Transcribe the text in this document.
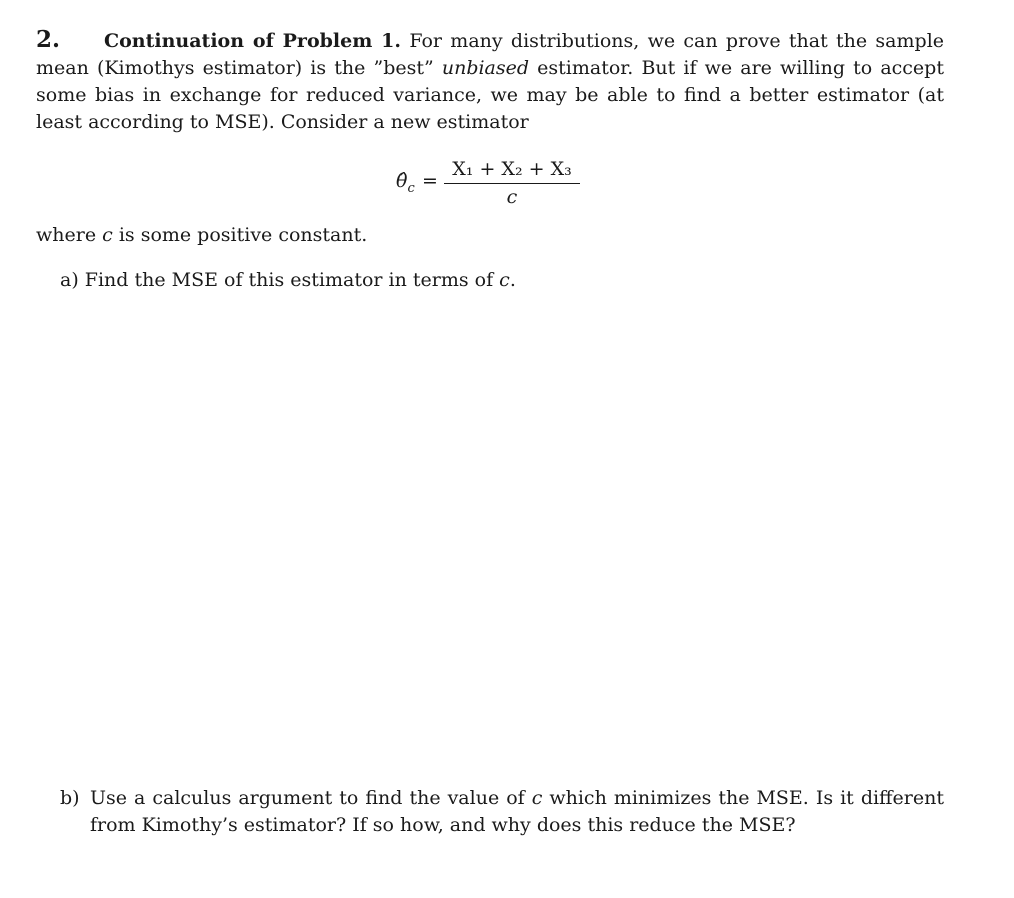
2. Continuation of Problem 1. For many distributions, we can prove that the sample mean (Kimothys estimator) is the ”best” unbiased estimator. But if we are willing to accept some bias in exchange for reduced variance, we may be able to find a better estimator (at least according to MSE). Consider a new estimator

$\thetâ_c$ =
X₁ + X₂ + X₃
c
where c is some positive constant.
a) Find the MSE of this estimator in terms of c.
b) Use a calculus argument to find the value of c which minimizes the MSE. Is it different from Kimothy’s estimator? If so how, and why does this reduce the MSE?
